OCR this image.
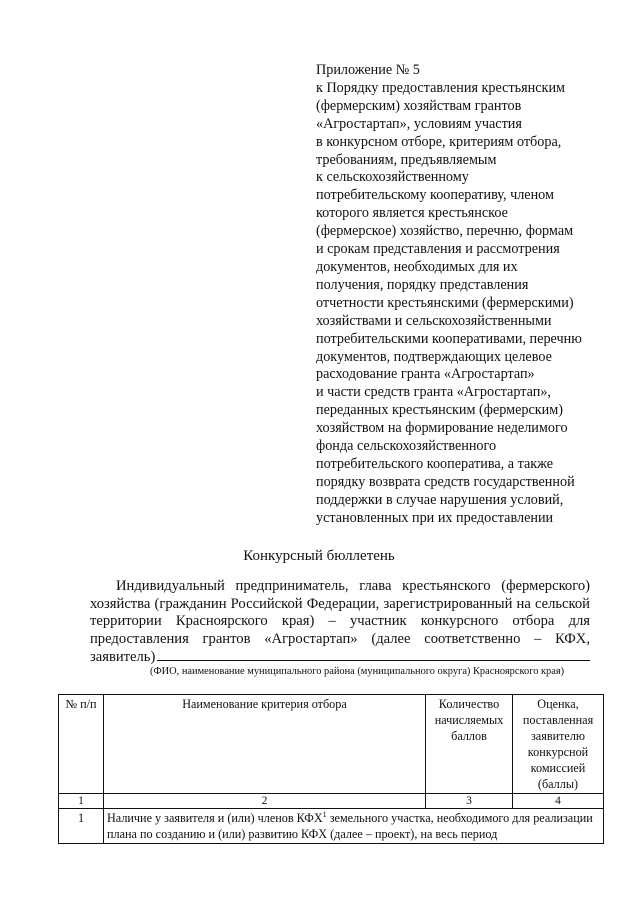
Приложение № 5
к Порядку предоставления крестьянским
(фермерским) хозяйствам грантов
«Агростартап», условиям участия
в конкурсном отборе, критериям отбора,
требованиям, предъявляемым
к сельскохозяйственному
потребительскому кооперативу, членом
которого является крестьянское
(фермерское) хозяйство, перечню, формам
и срокам представления и рассмотрения
документов, необходимых для их
получения, порядку представления
отчетности крестьянскими (фермерскими)
хозяйствами и сельскохозяйственными
потребительскими кооперативами, перечню
документов, подтверждающих целевое
расходование гранта «Агростартап»
и части средств гранта «Агростартап»,
переданных крестьянским (фермерским)
хозяйством на формирование неделимого
фонда сельскохозяйственного
потребительского кооператива, а также
порядку возврата средств государственной
поддержки в случае нарушения условий,
установленных при их предоставлении
Конкурсный бюллетень
Индивидуальный предприниматель, глава крестьянского (фермерского)
хозяйства (гражданин Российской Федерации, зарегистрированный на сельской
территории Красноярского края) – участник конкурсного отбора для
предоставления грантов «Агростартап» (далее соответственно – КФХ,
заявитель)
(ФИО, наименование муниципального района (муниципального округа) Красноярского края)
№ п/п	Наименование критерия отбора	Количество начисляемых баллов	Оценка, поставленная заявителю конкурсной комиссией (баллы)
1	2	3	4
1	Наличие у заявителя и (или) членов КФХ$^1$ земельного участка, необходимого для реализации плана по созданию и (или) развитию КФХ (далее – проект), на весь период		
